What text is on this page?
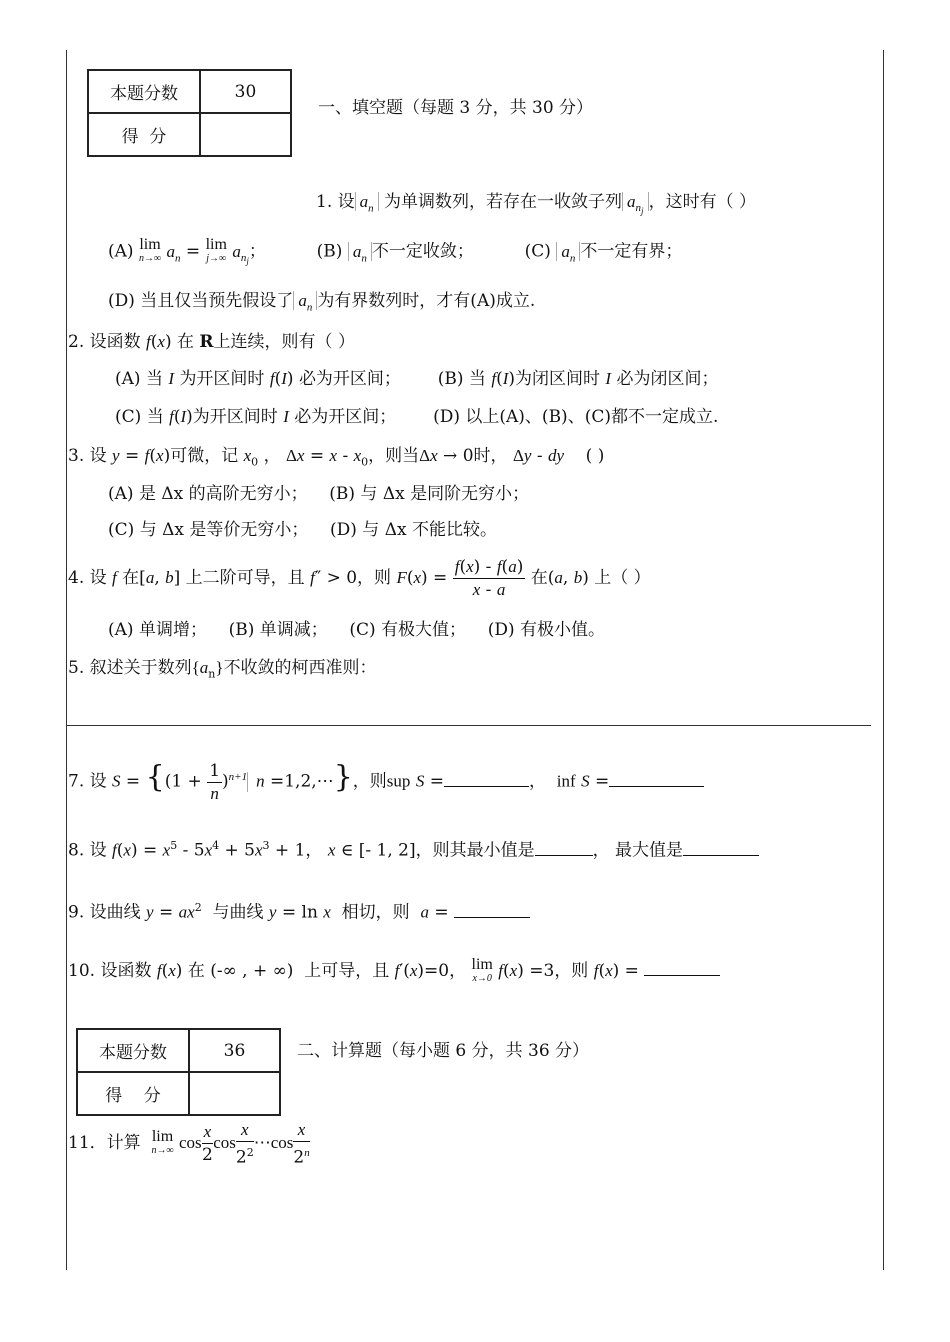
本题分数	30
得  分	
一、填空题（每题 3 分，共 30 分）
1. 设 $a_n$ 为单调数列，若存在一收敛子列 $a_{n_j}$ ，这时有（ ）
(A) lim
n→∞ $a_n = \lim$
j→∞ $a_{n_j}$；	(B) $a_n$ 不一定收敛；	(C) $a_n$ 不一定有界；
(D) 当且仅当预先假设了 $a_n$ 为有界数列时，才有(A)成立.
2. 设函数 f(x) 在 R上连续，则有（ ）
(A) 当 I 为开区间时 f(I) 必为开区间； (B) 当 f(I)为闭区间时 I 必为闭区间；
(C) 当 f(I)为开区间时 I 必为开区间； (D) 以上(A)、(B)、(C)都不一定成立.
3. 设 y = f(x)可微，记 $x_0$ ， $\Delta x = x - x_0$，则当Δx → 0时， Δy - dy ( )
(A) 是 Δx 的高阶无穷小； (B) 与 Δx 是同阶无穷小；
(C) 与 Δx 是等价无穷小； (D) 与 Δx 不能比较。
4. 设 f 在[a, b] 上二阶可导，且 f″ > 0，则 $F(x) = \frac{f(x) - f(a)}{x - a}$ 在(a, b) 上（ ）
(A) 单调增； (B) 单调减； (C) 有极大值； (D) 有极小值。
5. 叙述关于数列$\{a_n\}$不收敛的柯西准则：
7. 设 $S = \{(1 + \frac{1}{n} )^{n+1}$ n =1,2,⋯}，则sup S =	， inf S =
8. 设 $f(x) = x^5 - 5x^4 + 5x^3 + 1$， x ∈ [- 1, 2]，则其最小值是	， 最大值是
9. 设曲线 $y = ax^2$ 与曲线 y = ln x 相切，则 a =
10. 设函数 f(x) 在 (-∞ , + ∞)  上可导，且 f′(x)=0， lim
x→0 f(x) =3，则 f(x) =
本题分数	36
得    分	
二、计算题（每小题 6 分，共 36 分）
11．计算 lim
n→∞ $\cos \frac{x}{2}$ $\cos \frac{x}{2^2}$ ⋯cos $\frac{x}{2^n}$
